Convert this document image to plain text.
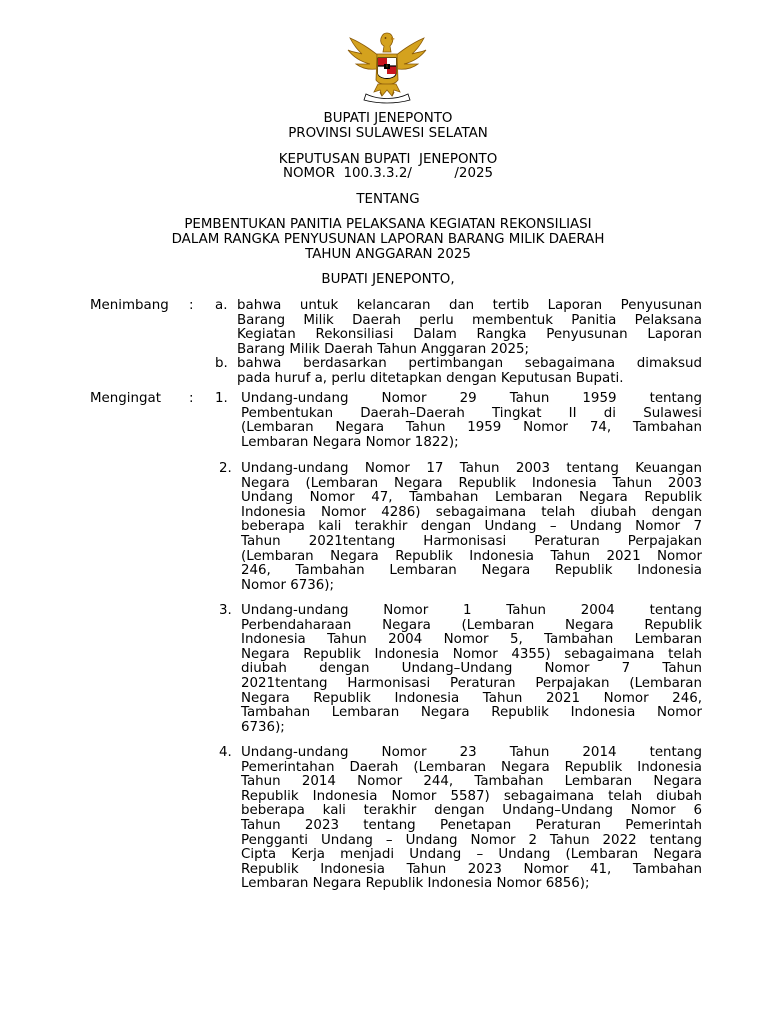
BUPATI JENEPONTO
PROVINSI SULAWESI SELATAN
KEPUTUSAN BUPATI  JENEPONTO
NOMOR  100.3.3.2/          /2025
TENTANG
PEMBENTUKAN PANITIA PELAKSANA KEGIATAN REKONSILIASI
DALAM RANGKA PENYUSUNAN LAPORAN BARANG MILIK DAERAH
TAHUN ANGGARAN 2025
BUPATI JENEPONTO,
Menimbang : a. bahwa untuk kelancaran dan tertib Laporan Penyusunan
Barang Milik Daerah perlu membentuk Panitia Pelaksana
Kegiatan Rekonsiliasi Dalam Rangka Penyusunan Laporan
Barang Milik Daerah Tahun Anggaran 2025;
b. bahwa berdasarkan pertimbangan sebagaimana dimaksud
pada huruf a, perlu ditetapkan dengan Keputusan Bupati.
Mengingat : 1. Undang-undang Nomor 29 Tahun 1959 tentang
Pembentukan Daerah–Daerah Tingkat II di Sulawesi
(Lembaran Negara Tahun 1959 Nomor 74, Tambahan
Lembaran Negara Nomor 1822);
2. Undang-undang Nomor 17 Tahun 2003 tentang Keuangan
Negara (Lembaran Negara Republik Indonesia Tahun 2003
Undang Nomor 47, Tambahan Lembaran Negara Republik
Indonesia Nomor 4286) sebagaimana telah diubah dengan
beberapa kali terakhir dengan Undang – Undang Nomor 7
Tahun 2021tentang Harmonisasi Peraturan Perpajakan
(Lembaran Negara Republik Indonesia Tahun 2021 Nomor
246, Tambahan Lembaran Negara Republik Indonesia
Nomor 6736);
3. Undang-undang Nomor 1 Tahun 2004 tentang
Perbendaharaan Negara (Lembaran Negara Republik
Indonesia Tahun 2004 Nomor 5, Tambahan Lembaran
Negara Republik Indonesia Nomor 4355) sebagaimana telah
diubah dengan Undang–Undang Nomor 7 Tahun
2021tentang Harmonisasi Peraturan Perpajakan (Lembaran
Negara Republik Indonesia Tahun 2021 Nomor 246,
Tambahan Lembaran Negara Republik Indonesia Nomor
6736);
4. Undang-undang Nomor 23 Tahun 2014 tentang
Pemerintahan Daerah (Lembaran Negara Republik Indonesia
Tahun 2014 Nomor 244, Tambahan Lembaran Negara
Republik Indonesia Nomor 5587) sebagaimana telah diubah
beberapa kali terakhir dengan Undang–Undang Nomor 6
Tahun 2023 tentang Penetapan Peraturan Pemerintah
Pengganti Undang – Undang Nomor 2 Tahun 2022 tentang
Cipta Kerja menjadi Undang – Undang (Lembaran Negara
Republik Indonesia Tahun 2023 Nomor 41, Tambahan
Lembaran Negara Republik Indonesia Nomor 6856);
